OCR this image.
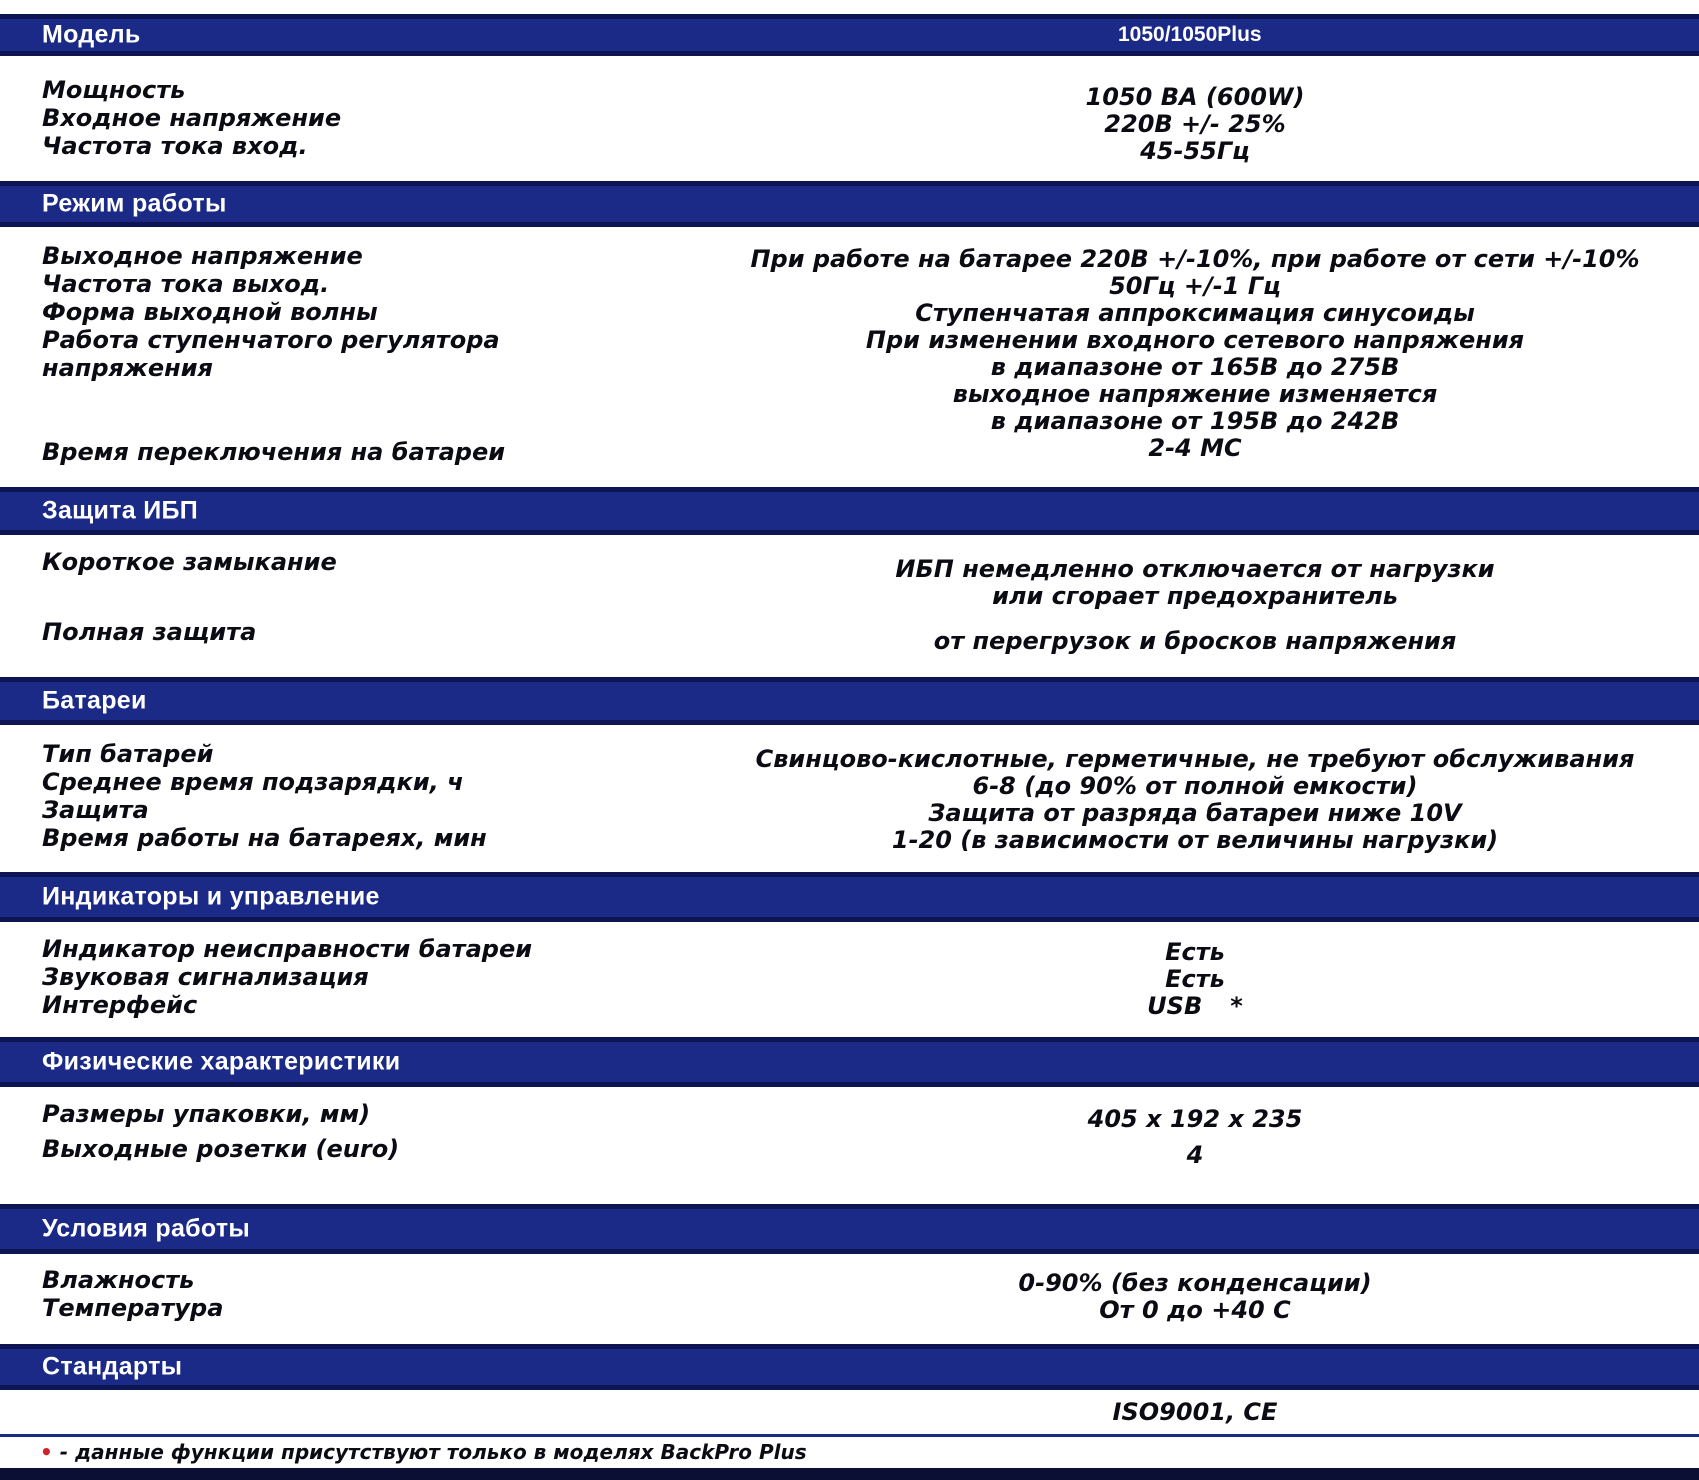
Модель	1050/1050Plus
Мощность
Входное напряжение
Частота тока вход.
1050 ВА (600W)
220В +/- 25%
45-55Гц
Режим работы
Выходное напряжение
Частота тока выход.
Форма выходной волны
Работа ступенчатого регулятора
напряжения
Время переключения на батареи
При работе на батарее 220В +/-10%, при работе от сети +/-10%
50Гц +/-1 Гц
Ступенчатая аппроксимация синусоиды
При изменении входного сетевого напряжения
в диапазоне от 165В до 275В
выходное напряжение изменяется
в диапазоне от 195В до 242В
2-4 МС
Защита ИБП
Короткое замыкание
Полная защита
ИБП немедленно отключается от нагрузки
или сгорает предохранитель
от перегрузок и бросков напряжения
Батареи
Тип батарей
Среднее время подзарядки, ч
Защита
Время работы на батареях, мин
Свинцово-кислотные, герметичные, не требуют обслуживания
6-8 (до 90% от полной емкости)
Защита от разряда батареи ниже 10V
1-20 (в зависимости от величины нагрузки)
Индикаторы и управление
Индикатор неисправности батареи
Звуковая сигнализация
Интерфейс
Есть
Есть
USB *
Физические характеристики
Размеры упаковки, мм)
Выходные розетки (euro)
405 x 192 x 235
4
Условия работы
Влажность
Температура
0-90% (без конденсации)
От 0 до +40 С
Стандарты
ISO9001, CE
• - данные функции присутствуют только в моделях BackPro Plus
